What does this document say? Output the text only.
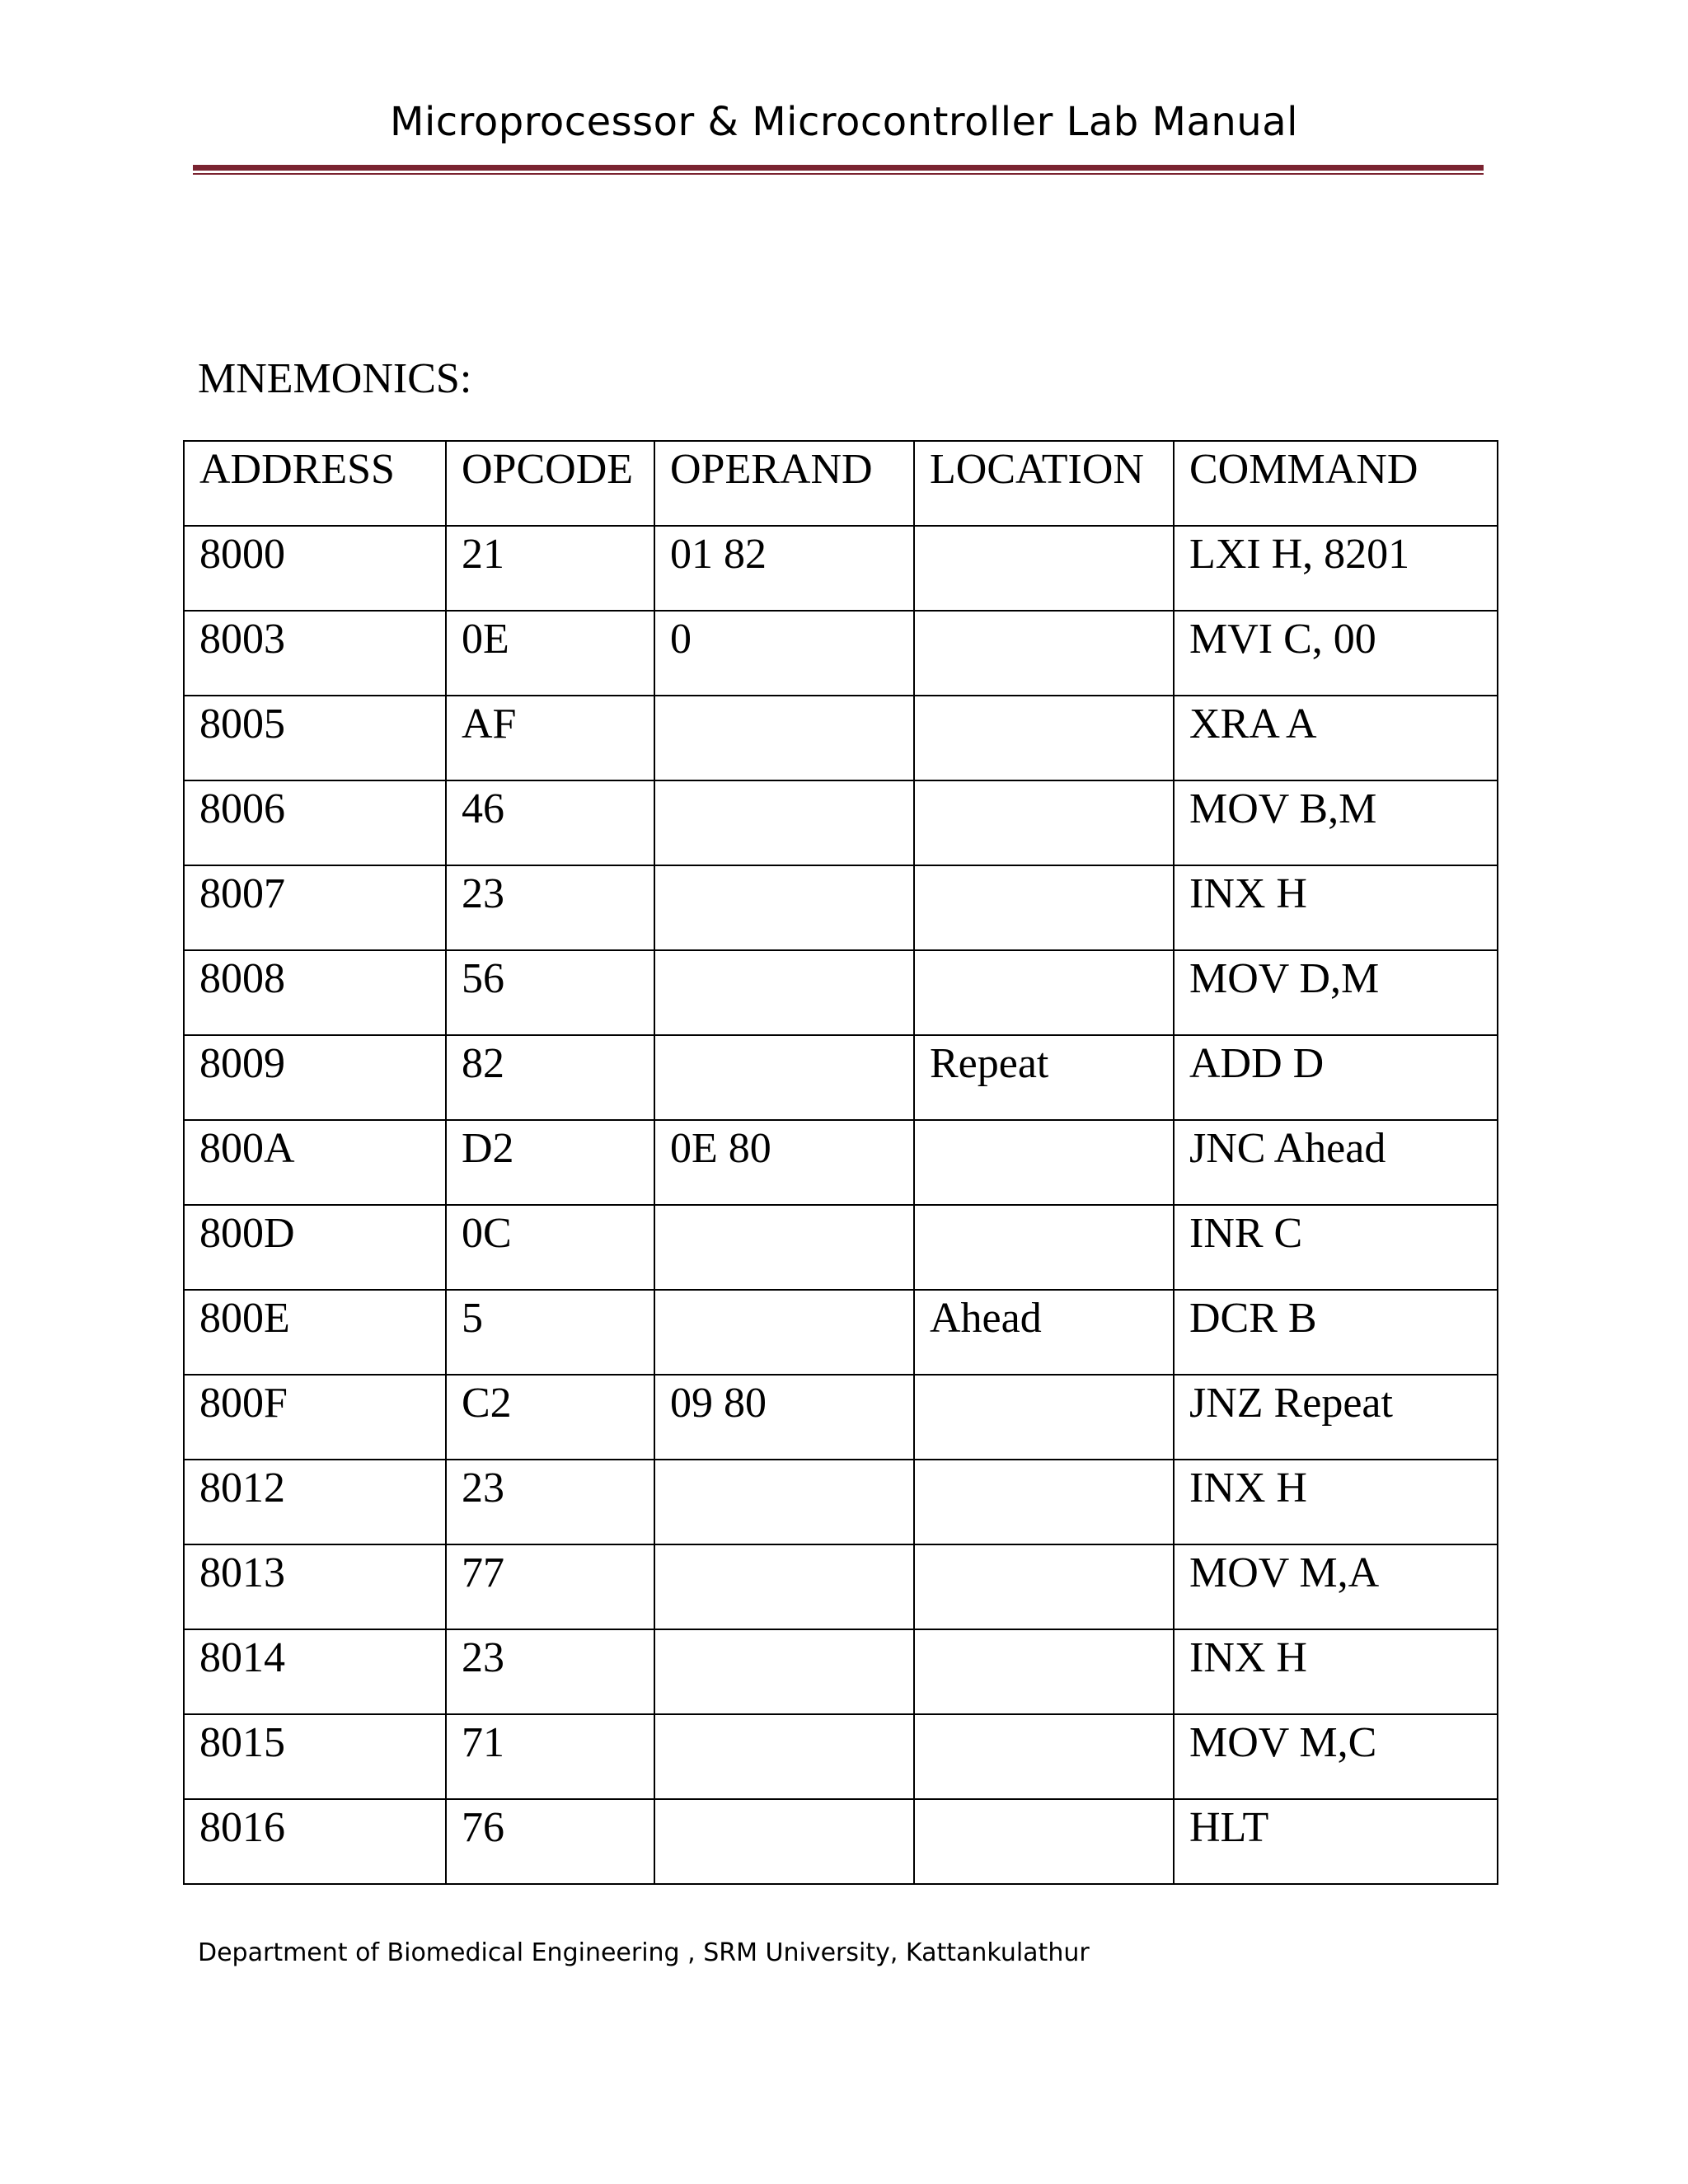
Microprocessor & Microcontroller Lab Manual
MNEMONICS:
ADDRESS	OPCODE	OPERAND	LOCATION	COMMAND
8000	21	01 82		LXI H, 8201
8003	0E	0		MVI C, 00
8005	AF			XRA A
8006	46			MOV B,M
8007	23			INX H
8008	56			MOV D,M
8009	82		Repeat	ADD D
800A	D2	0E 80		JNC Ahead
800D	0C			INR C
800E	5		Ahead	DCR B
800F	C2	09 80		JNZ Repeat
8012	23			INX H
8013	77			MOV M,A
8014	23			INX H
8015	71			MOV M,C
8016	76			HLT
Department of Biomedical Engineering , SRM University, Kattankulathur
